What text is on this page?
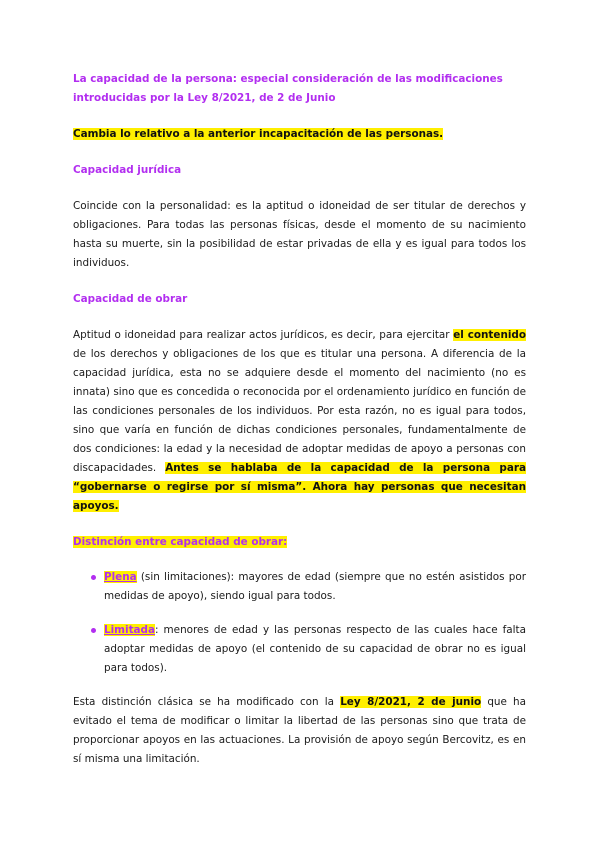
La capacidad de la persona: especial consideración de las modificaciones introducidas por la Ley 8/2021, de 2 de Junio

Cambia lo relativo a la anterior incapacitación de las personas.

Capacidad jurídica

Coincide con la personalidad: es la aptitud o idoneidad de ser titular de derechos y obligaciones. Para todas las personas físicas, desde el momento de su nacimiento hasta su muerte, sin la posibilidad de estar privadas de ella y es igual para todos los individuos.

Capacidad de obrar

Aptitud o idoneidad para realizar actos jurídicos, es decir, para ejercitar el contenido de los derechos y obligaciones de los que es titular una persona. A diferencia de la capacidad jurídica, esta no se adquiere desde el momento del nacimiento (no es innata) sino que es concedida o reconocida por el ordenamiento jurídico en función de las condiciones personales de los individuos. Por esta razón, no es igual para todos, sino que varía en función de dichas condiciones personales, fundamentalmente de dos condiciones: la edad y la necesidad de adoptar medidas de apoyo a personas con discapacidades. Antes se hablaba de la capacidad de la persona para “gobernarse o regirse por sí misma”. Ahora hay personas que necesitan apoyos.

Distinción entre capacidad de obrar:

Plena (sin limitaciones): mayores de edad (siempre que no estén asistidos por medidas de apoyo), siendo igual para todos.
Limitada: menores de edad y las personas respecto de las cuales hace falta adoptar medidas de apoyo (el contenido de su capacidad de obrar no es igual para todos).

Esta distinción clásica se ha modificado con la Ley 8/2021, 2 de junio que ha evitado el tema de modificar o limitar la libertad de las personas sino que trata de proporcionar apoyos en las actuaciones. La provisión de apoyo según Bercovitz, es en sí misma una limitación.
